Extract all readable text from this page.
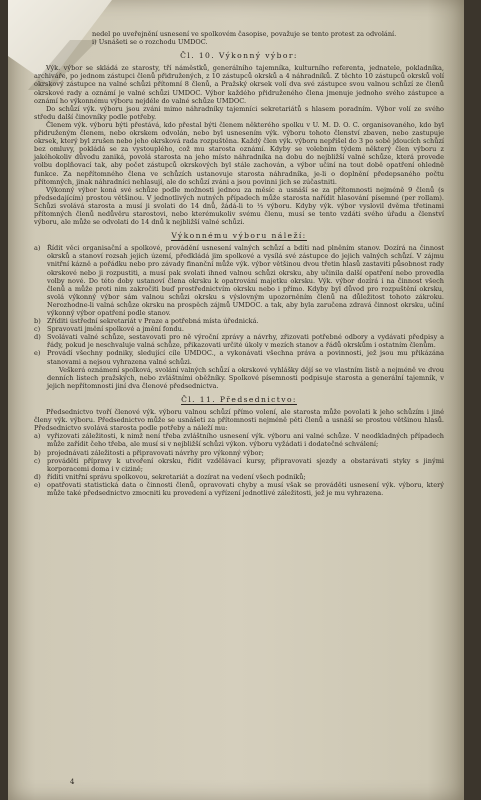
nedel po uveřejnění usnesení ve spolkovém časopise, považuje se tento protest za odvolání.

i) Usnášeti se o rozchodu UMDOC.

Čl. 10. Výkonný výbor:

Výk. výbor se skládá ze starosty, tří náměstků, generálního tajemníka, kulturního referenta, jednatele, pokladníka, archiváře, po jednom zástupci členů přidružených, z 10 zástupců okrsků a 4 náhradníků. Z těchto 10 zástupců okrsků volí okrskový zástupce na valné schůzi přítomní 8 členů, a Pražský okrsek volí dva své zástupce svou valnou schůzí ze členů okrskové rady a oznámí je valné schůzi UMDOC. Výbor každého přidruženého člena jmenuje jednoho svého zástupce a oznámí ho výkonnému výboru nejdéle do valné schůze UMDOC.

Do schůzí výk. výboru jsou zváni mimo náhradníky tajemníci sekretariátů s hlasem poradním. Výbor volí ze svého středu další činovníky podle potřeby.

Členem výk. výboru býti přestává, kdo přestal býti členem některého spolku v U. M. D. O. C. organisovaného, kdo byl přidruženým členem, nebo okrskem odvolán, nebo byl usnesením výk. výboru tohoto členství zbaven, nebo zastupuje okrsek, který byl zrušen nebo jeho okrsková rada rozpuštěna. Každý člen výk. výboru nepřišel do 3 po sobě jdoucích schůzí bez omluvy, pokládá se za vystouplého, což mu starosta oznámí. Kdyby se volebním týdem některý člen výboru z jakéhokoliv důvodu zaniká, povolá starosta na jeho místo náhradníka na dobu do nejbližší valné schůze, která provede volbu doplňovací tak, aby počet zástupců okrskových byl stále zachován, a výbor učiní na tout době opatření ohledně funkce. Za nepřítomného člena ve schůzích ustanovuje starosta náhradníka, je-li o doplnění předepsaného počtu přítomných, jinak náhradníci nehlasují, ale do schůzí zváni a jsou povinni jich se zúčastniti.

Výkonný výbor koná své schůze podle možnosti jednou za měsíc a usnáší se za přítomnosti nejméně 9 členů (s předsedajícím) prostou většinou. V jednotlivých nutných případech může starosta nařídit hlasování písemné (per rollam). Schůzi svolává starosta a musí ji svolati do 14 dnů, žádá-li to ⅓ výboru. Kdyby výk. výbor vyslovil dvěma třetinami přítomných členů nedůvěru starostovi, nebo kterémukoliv svému členu, musí se tento vzdáti svého úřadu a členství výboru, ale může se odvolati do 14 dnů k nejbližší valné schůzi.

Výkonnému výboru náleží:
a) Řídit věci organisační a spolkové, provádění usnesení valných schůzí a bdíti nad plněním stanov. Dozírá na činnost okrsků a stanoví rozsah jejich území, předkládá jim spolkové a vysílá své zástupce do jejich valných schůzí. V zájmu vnitřní kázně a pořádku nebo pro závady finanční může výk. výbor většinou dvou třetin hlasů zastaviti působnost rady okrskové nebo ji rozpustiti, a musí pak svolati ihned valnou schůzi okrsku, aby učinila další opatření nebo provedla volby nové. Do této doby ustanoví člena okrsku k opatrování majetku okrsku. Výk. výbor dozírá i na činnost všech členů a může proti nim zakročiti buď prostřednictvím okrsku nebo i přímo. Kdyby byl důvod pro rozpuštění okrsku, svolá výkonný výbor sám valnou schůzi okrsku s výslovným upozorněním členů na důležitost tohoto zákroku. Nerozhodne-li valná schůze okrsku na prospěch zájmů UMDOC. a tak, aby byla zaručena zdravá činnost okrsku, učiní výkonný výbor opatření podle stanov.
b) Zříditi ústřední sekretariát v Praze a potřebná místa úřednická.
c)	Spravovati jmění spolkové a jmění fondu.
d) Svolávati valné schůze, sestavovati pro ně výroční zprávy a návrhy, zřizovati potřebné odbory a vydávati předpisy a řády, pokud je neschvaluje valná schůze, přikazovati určité úkoly v mezích stanov a řádů okrskům i ostatním členům.
e)	Provádí všechny podniky, sledující cíle UMDOC., a vykonávati všechna práva a povinnosti, jež jsou mu přikázána stanovami a nejsou vyhrazena valné schůzi.
Veškerá oznámení spolková, svolání valných schůzí a okrskové vyhlášky dějí se ve vlastním listě a nejméně ve dvou denních listech pražských, nebo zvláštními oběžníky. Spolkové písemnosti podpisuje starosta a generální tajemník, v jejich nepřítomnosti jiní dva členové předsednictva.
Čl. 11. Předsednictvo:

Předsednictvo tvoří členové výk. výboru valnou schůzí přímo volení, ale starosta může povolati k jeho schůzím i jiné členy výk. výboru. Předsednictvo může se usnášeti za přítomnosti nejméně pěti členů a usnáší se prostou většinou hlasů. Předsednictvo svolává starosta podle potřeby a náleží mu:

a) vyřizovati záležitosti, k nimž není třeba zvláštního usnesení výk. výboru ani valné schůze. V neodkladných případech může zařídit čeho třeba, ale musí si v nejbližší schůzi výkon. výboru vyžádati i dodatečné schválení;
b) projednávati záležitosti a připravovati návrhy pro výkonný výbor;
c)	prováděti přípravy k utvoření okrsku, řídit vzdělávací kursy, připravovati sjezdy a obstarávati styky s jinými korporacemi doma i v cizině;
d) říditi vnitřní správu spolkovou, sekretariát a dozírat na vedení všech podniků;
e)	opatřovati statistická data o činnosti členů, opravovati chyby a musí však se prováděti usnesení výk. výboru, který může také předsednictvo zmocniti ku provedení a vyřízení jednotlivé záležitosti, jež je mu vyhrazena.
4
